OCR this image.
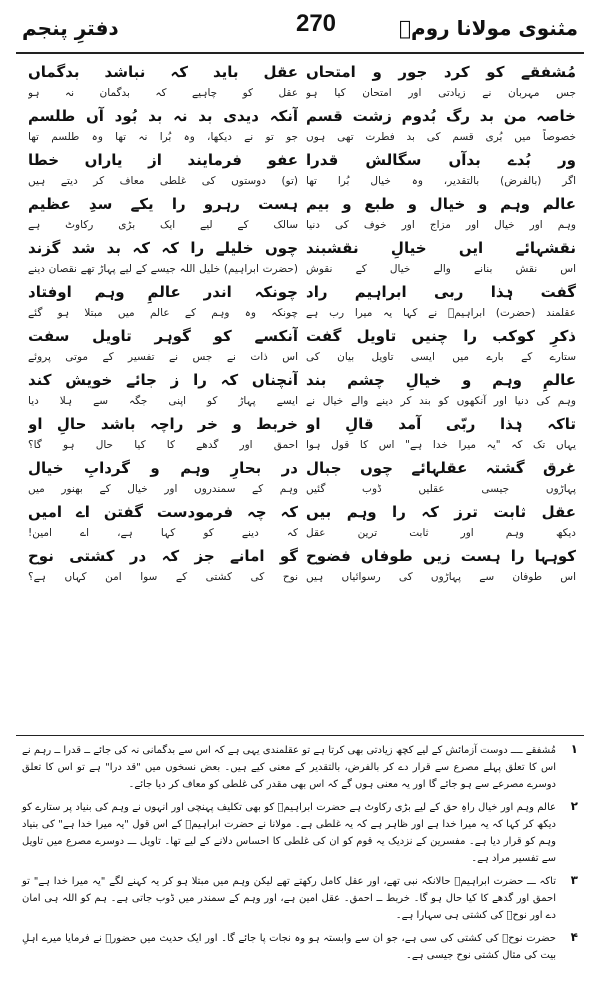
مثنوی مولانا رومؒ
270
دفترِ پنجم
مُشفقے کو کرد جور و امتحاں
جس مہربان نے زیادتی اور امتحان کیا ہو
خاصہ من بد رگ بُدوم زشت قسم
خصوصاً میں بُری قسم کی بد فطرت تھی ہوں
ور بُدے بدآں سگالش قدرا
اگر (بالفرض) بالتقدیر، وہ خیال بُرا تھا
عالم وہم و خیال و طبع و بیم
وہم اور خیال اور مزاج اور خوف کی دنیا
نقشہائے ایں خیالِ نقشبند
اس نقش بنانے والے خیال کے نقوش
گفت ہٰذا ربی ابراہیم راد
عقلمند (حضرت) ابراہیمؑ نے کہا یہ میرا رب ہے
ذکرِ کوکب را چنیں تاویل گفت
ستارے کے بارے میں ایسی تاویل بیان کی
عالمِ وہم و خیالِ چشم بند
وہم کی دنیا اور آنکھوں کو بند کر دینے والے خیال نے
تاکہ ہٰذا ربّی آمد قالِ او
یہاں تک کہ "یہ میرا خدا ہے" اس کا قول ہوا
غرق گشتہ عقلہائے چوں جبال
پہاڑوں جیسی عقلیں ڈوب گئیں
عقل ثابت ترز کہ را وہم بیں
دیکھ وہم اور ثابت ترین عقل
کوہہا را ہست زیں طوفاں فضوح
اس طوفان سے پہاڑوں کی رسوائیاں ہیں
عقل باید کہ نباشد بدگماں
عقل کو چاہیے کہ بدگمان نہ ہو
آنکہ دیدی بد نہ بد بُود آں طلسم
جو تو نے دیکھا، وہ بُرا نہ تھا وہ طلسم تھا
عفو فرمایند از یاراں خطا
(تو) دوستوں کی غلطی معاف کر دیتے ہیں
ہست رہرو را یکے سدِ عظیم
سالک کے لیے ایک بڑی رکاوٹ ہے
چوں خلیلے را کہ کہ بد شد گزند
(حضرت ابراہیم) خلیل اللہ جیسے کے لیے پہاڑ تھے نقصان دینے
چونکہ اندر عالمِ وہم اوفتاد
چونکہ وہ وہم کے عالم میں مبتلا ہو گئے
آنکسے کو گوہر تاویل سفت
اس ذات نے جس نے تفسیر کے موتی پروئے
آنچناں کہ را ز جائے خویش کند
ایسے پہاڑ کو اپنی جگہ سے ہلا دیا
خربط و خر راچہ باشد حالِ او
احمق اور گدھے کا کیا حال ہو گا؟
در بحارِ وہم و گردابِ خیال
وہم کے سمندروں اور خیال کے بھنور میں
کہ چہ فرمودست گفتن اے امیں
کہ دینے کو کہا ہے، اے امین!
گو امانے جز کہ در کشتی نوح
نوح کی کشتی کے سوا امن کہاں ہے؟
۱
مُشفقے ــــ دوست آزمائش کے لیے کچھ زیادتی بھی کرتا ہے تو عقلمندی یہی ہے کہ اس سے بدگمانی نہ کی جائے ــ قدرا ــ رہم نے اس کا تعلق پہلے مصرع سے قرار دے کر بالفرض، بالتقدیر کے معنی کیے ہیں۔ بعض نسخوں میں "قد درا" ہے تو اس کا تعلق دوسرے مصرعے سے ہو جائے گا اور یہ معنی ہوں گے کہ اس بھی مقدر کی غلطی کو معاف کر دیا جائے۔
۲
عالم وہم اور خیال راہِ حق کے لیے بڑی رکاوٹ ہے حضرت ابراہیمؑ کو بھی تکلیف پہنچی اور انہوں نے وہم کی بنیاد پر ستارے کو دیکھ کر کہا کہ یہ میرا خدا ہے اور ظاہر ہے کہ یہ غلطی ہے۔ مولانا نے حضرت ابراہیمؑ کے اس قول "یہ میرا خدا ہے" کی بنیاد وہم کو قرار دیا ہے۔ مفسرین کے نزدیک یہ قوم کو ان کی غلطی کا احساس دلانے کے لیے تھا۔ تاویل ـــ دوسرے مصرع میں تاویل سے تفسیر مراد ہے۔
۳
تاکہ ـــ حضرت ابراہیمؑ حالانکہ نبی تھے، اور عقل کامل رکھتے تھے لیکن وہم میں مبتلا ہو کر یہ کہنے لگے "یہ میرا خدا ہے" تو احمق اور گدھے کا کیا حال ہو گا۔ خربط ــ احمق۔ عقل امین ہے، اور وہم کے سمندر میں ڈوب جاتی ہے۔ ہم کو اللہ ہی امان دے اور نوحؑ کی کشتی ہی سہارا ہے۔
۴
حضرت نوحؑ کی کشتی کی سی ہے، جو ان سے وابستہ ہو وہ نجات پا جائے گا۔ اور ایک حدیث میں حضورؐ نے فرمایا میرے اہلِ بیت کی مثال کشتی نوح جیسی ہے۔
